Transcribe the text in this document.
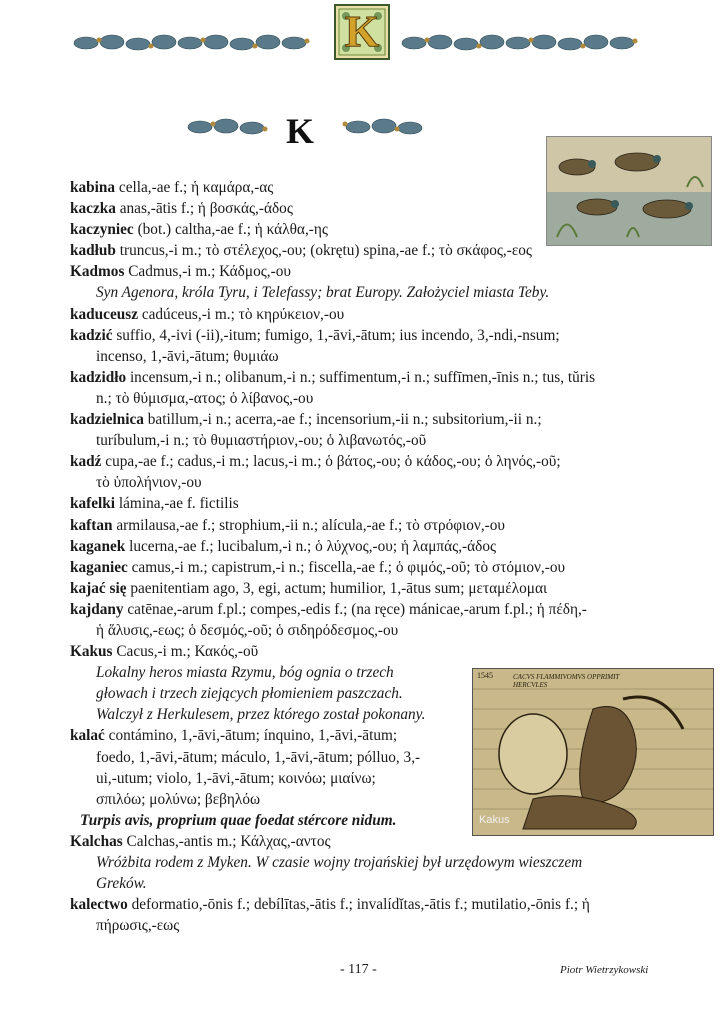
K
K
kabina cella,-ae f.; ἡ καμάρα,-ας
kaczka anas,-ātis f.; ἡ βοσκάς,-άδος
kaczyniec (bot.) caltha,-ae f.; ἡ κάλθα,-ης
kadłub truncus,-i m.; τὸ στέλεχος,-ου; (okrętu) spina,-ae f.; τὸ σκάφος,-εος
Kadmos Cadmus,-i m.; Κάδμος,-ου
Syn Agenora, króla Tyru, i Telefassy; brat Europy. Założyciel miasta Teby.
kaduceusz cadúceus,-i m.; τὸ κηρύκειον,-ου
kadzić suffio, 4,-ivi (-ii),-itum; fumigo, 1,-āvi,-ātum; ius incendo, 3,-ndi,-nsum;
incenso, 1,-āvi,-ātum; θυμιάω
kadzidło incensum,-i n.; olibanum,-i n.; suffimentum,-i n.; suffīmen,-īnis n.; tus, tŭris
n.; τὸ θύμισμα,-ατος; ὁ λίβανος,-ου
kadzielnica batillum,-i n.; acerra,-ae f.; incensorium,-ii n.; subsitorium,-ii n.;
turíbulum,-i n.; τὸ θυμιαστήριον,-ου; ὁ λιβανωτός,-οῦ
kadź cupa,-ae f.; cadus,-i m.; lacus,-i m.; ὁ βάτος,-ου; ὁ κάδος,-ου; ὁ ληνός,-οῦ;
τὸ ὑπολήνιον,-ου
kafelki lámina,-ae f. fictilis
kaftan armilausa,-ae f.; strophium,-ii n.; alícula,-ae f.; τὸ στρόφιον,-ου
kaganek lucerna,-ae f.; lucibalum,-i n.; ὁ λύχνος,-ου; ἡ λαμπάς,-άδος
kaganiec camus,-i m.; capistrum,-i n.; fiscella,-ae f.; ὁ φιμός,-οῦ; τὸ στόμιον,-ου
kajać się paenitentiam ago, 3, egi, actum; humilior, 1,-ātus sum; μεταμέλομαι
kajdany catēnae,-arum f.pl.; compes,-edis f.; (na ręce) mánicae,-arum f.pl.; ἡ πέδη,-
ἡ ἅλυσις,-εως; ὁ δεσμός,-οῦ; ὁ σιδηρόδεσμος,-ου
Kakus Cacus,-i m.; Κακός,-οῦ
Lokalny heros miasta Rzymu, bóg ognia o trzech
głowach i trzech ziejących płomieniem paszczach.
Walczył z Herkulesem, przez którego został pokonany.
kalać contámino, 1,-āvi,-ātum; ínquino, 1,-āvi,-ātum;
foedo, 1,-āvi,-ātum; máculo, 1,-āvi,-ātum; pólluo, 3,-
ui,-utum; violo, 1,-āvi,-ātum; κοινόω; μιαίνω;
σπιλόω; μολύνω; βεβηλόω
Turpis avis, proprium quae foedat stércore nidum.
Kalchas Calchas,-antis m.; Κάλχας,-αντος
Wróżbita rodem z Myken. W czasie wojny trojańskiej był urzędowym wieszczem
Greków.
kalectwo deformatio,-ōnis f.; debílītas,-ātis f.; invalídĭtas,-ātis f.; mutilatio,-ōnis f.; ἡ
πήρωσις,-εως
1545	CACVS FLAMMIVOMVS OPPRIMIT HERCVLES
Kakus
- 117 -	Piotr Wietrzykowski
